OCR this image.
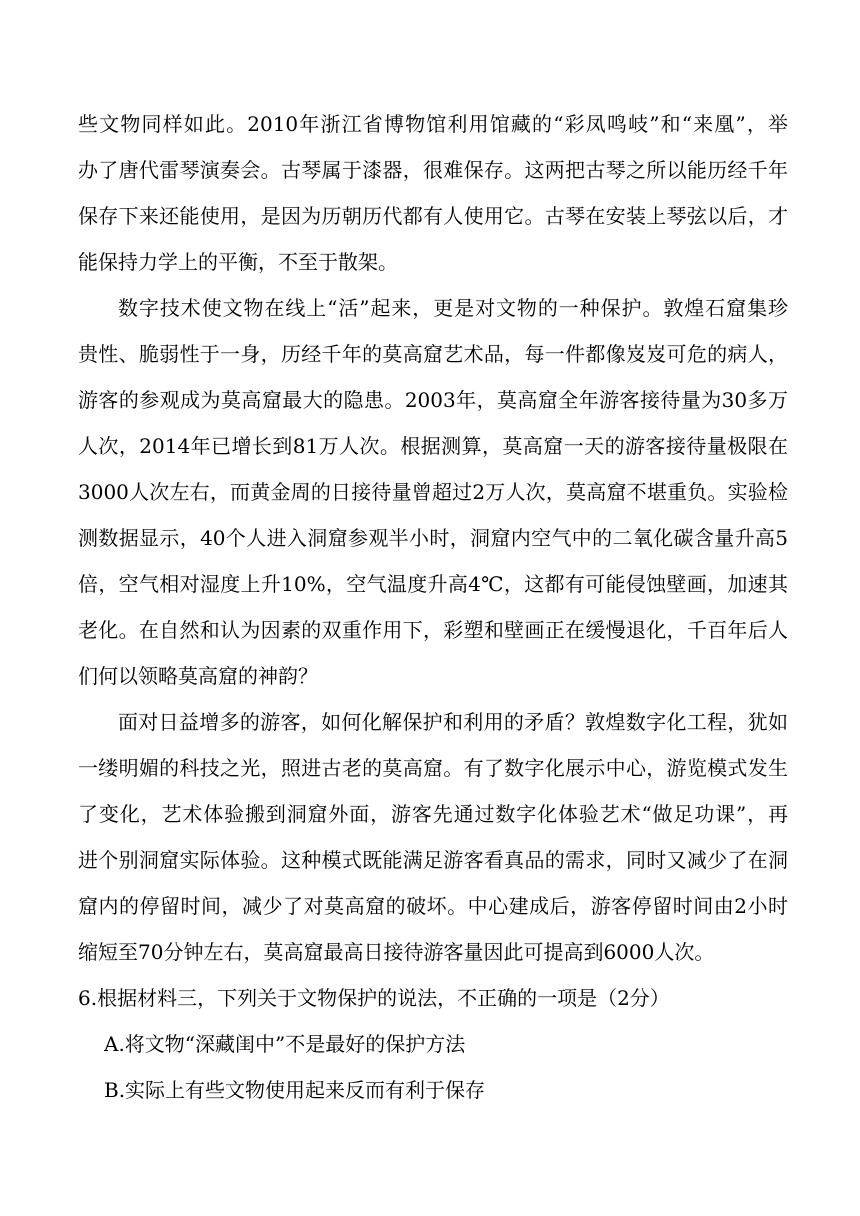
些文物同样如此。2010年浙江省博物馆利用馆藏的“彩凤鸣岐”和“来凰”，举
办了唐代雷琴演奏会。古琴属于漆器，很难保存。这两把古琴之所以能历经千年
保存下来还能使用，是因为历朝历代都有人使用它。古琴在安装上琴弦以后，才
能保持力学上的平衡，不至于散架。
数字技术使文物在线上“活”起来，更是对文物的一种保护。敦煌石窟集珍
贵性、脆弱性于一身，历经千年的莫高窟艺术品，每一件都像岌岌可危的病人，
游客的参观成为莫高窟最大的隐患。2003年，莫高窟全年游客接待量为30多万
人次，2014年已增长到81万人次。根据测算，莫高窟一天的游客接待量极限在
3000人次左右，而黄金周的日接待量曾超过2万人次，莫高窟不堪重负。实验检
测数据显示，40个人进入洞窟参观半小时，洞窟内空气中的二氧化碳含量升高5
倍，空气相对湿度上升10%，空气温度升高4℃，这都有可能侵蚀壁画，加速其
老化。在自然和认为因素的双重作用下，彩塑和壁画正在缓慢退化，千百年后人
们何以领略莫高窟的神韵？
面对日益增多的游客，如何化解保护和利用的矛盾？敦煌数字化工程，犹如
一缕明媚的科技之光，照进古老的莫高窟。有了数字化展示中心，游览模式发生
了变化，艺术体验搬到洞窟外面，游客先通过数字化体验艺术“做足功课”，再
进个别洞窟实际体验。这种模式既能满足游客看真品的需求，同时又减少了在洞
窟内的停留时间，减少了对莫高窟的破坏。中心建成后，游客停留时间由2小时
缩短至70分钟左右，莫高窟最高日接待游客量因此可提高到6000人次。
6.根据材料三，下列关于文物保护的说法，不正确的一项是（2分）
A.将文物“深藏闺中”不是最好的保护方法
B.实际上有些文物使用起来反而有利于保存
